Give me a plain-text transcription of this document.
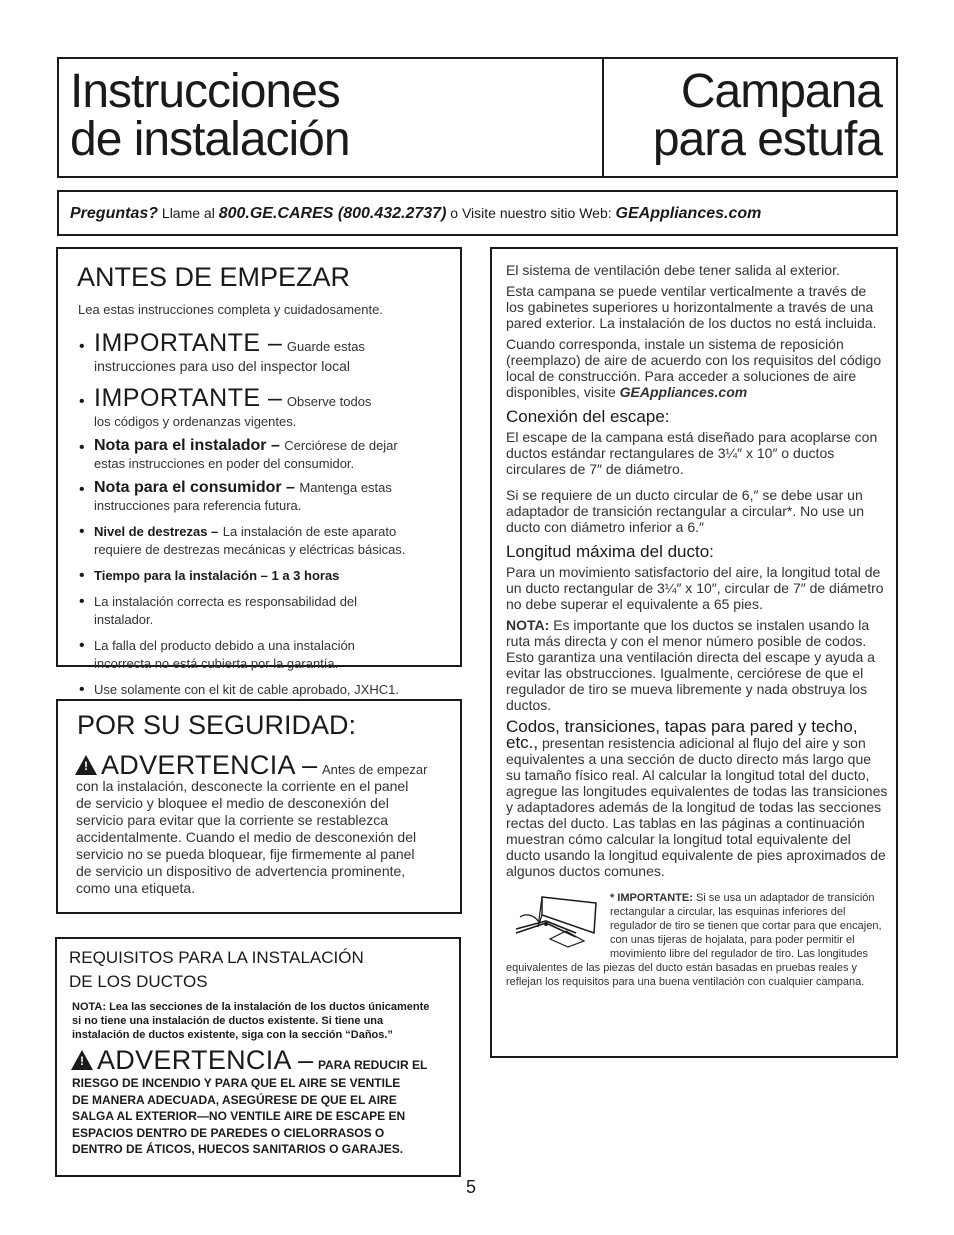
Instrucciones
de instalación
Campana
para estufa
Preguntas? Llame al 800.GE.CARES (800.432.2737) o Visite nuestro sitio Web: GEAppliances.com
ANTES DE EMPEZAR
Lea estas instrucciones completa y cuidadosamente.
• IMPORTANTE – Guarde estas
instrucciones para uso del inspector local
• IMPORTANTE – Observe todos
los códigos y ordenanzas vigentes.
• Nota para el instalador – Cerciórese de dejar
estas instrucciones en poder del consumidor.
• Nota para el consumidor – Mantenga estas
instrucciones para referencia futura.
• Nivel de destrezas – La instalación de este aparato
requiere de destrezas mecánicas y eléctricas básicas.
• Tiempo para la instalación – 1 a 3 horas
• La instalación correcta es responsabilidad del
instalador.
• La falla del producto debido a una instalación
incorrecta no está cubierta por la garantía.
• Use solamente con el kit de cable aprobado, JXHC1.
POR SU SEGURIDAD:
! ADVERTENCIA – Antes de empezar
con la instalación, desconecte la corriente en el panel
de servicio y bloquee el medio de desconexión del
servicio para evitar que la corriente se restablezca
accidentalmente. Cuando el medio de desconexión del
servicio no se pueda bloquear, fije firmemente al panel
de servicio un dispositivo de advertencia prominente,
como una etiqueta.
REQUISITOS PARA LA INSTALACIÓN
DE LOS DUCTOS
NOTA: Lea las secciones de la instalación de los ductos únicamente
si no tiene una instalación de ductos existente. Si tiene una
instalación de ductos existente, siga con la sección “Daños.”
! ADVERTENCIA – PARA REDUCIR EL
RIESGO DE INCENDIO Y PARA QUE EL AIRE SE VENTILE
DE MANERA ADECUADA, ASEGÚRESE DE QUE EL AIRE
SALGA AL EXTERIOR—NO VENTILE AIRE DE ESCAPE EN
ESPACIOS DENTRO DE PAREDES O CIELORRASOS O
DENTRO DE ÁTICOS, HUECOS SANITARIOS O GARAJES.

El sistema de ventilación debe tener salida al exterior.

Esta campana se puede ventilar verticalmente a través de los gabinetes superiores u horizontalmente a través de una pared exterior. La instalación de los ductos no está incluida.

Cuando corresponda, instale un sistema de reposición (reemplazo) de aire de acuerdo con los requisitos del código local de construcción. Para acceder a soluciones de aire disponibles, visite GEAppliances.com

Conexión del escape:

El escape de la campana está diseñado para acoplarse con ductos estándar rectangulares de 3¼″ x 10″ o ductos circulares de 7″ de diámetro.

Si se requiere de un ducto circular de 6,″ se debe usar un adaptador de transición rectangular a circular*. No use un ducto con diámetro inferior a 6.″

Longitud máxima del ducto:

Para un movimiento satisfactorio del aire, la longitud total de un ducto rectangular de 3¼″ x 10″, circular de 7″ de diámetro no debe superar el equivalente a 65 pies.

NOTA: Es importante que los ductos se instalen usando la ruta más directa y con el menor número posible de codos. Esto garantiza una ventilación directa del escape y ayuda a evitar las obstrucciones. Igualmente, cerciórese de que el regulador de tiro se mueva libremente y nada obstruya los ductos.

Codos, transiciones, tapas para pared y techo, etc., presentan resistencia adicional al flujo del aire y son equivalentes a una sección de ducto directo más largo que su tamaño físico real. Al calcular la longitud total del ducto, agregue las longitudes equivalentes de todas las transiciones y adaptadores además de la longitud de todas las secciones rectas del ducto. Las tablas en las páginas a continuación muestran cómo calcular la longitud total equivalente del ducto usando la longitud equivalente de pies aproximados de algunos ductos comunes.

* IMPORTANTE: Si se usa un adaptador de transición rectangular a circular, las esquinas inferiores del regulador de tiro se tienen que cortar para que encajen, con unas tijeras de hojalata, para poder permitir el movimiento libre del regulador de tiro. Las longitudes equivalentes de las piezas del ducto están basadas en pruebas reales y reflejan los requisitos para una buena ventilación con cualquier campana.
5
